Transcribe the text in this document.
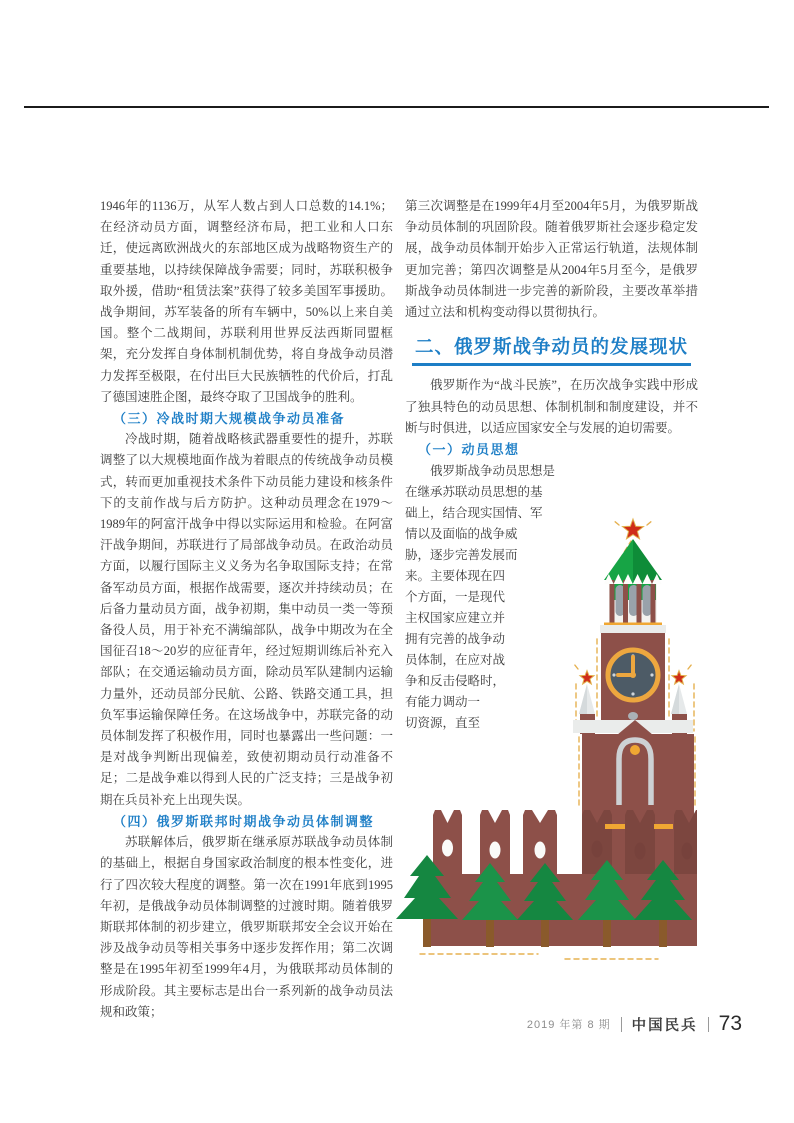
1946年的1136万，从军人数占到人口总数的14.1%；在经济动员方面，调整经济布局，把工业和人口东迁，使远离欧洲战火的东部地区成为战略物资生产的重要基地，以持续保障战争需要；同时，苏联积极争取外援，借助“租赁法案”获得了较多美国军事援助。战争期间，苏军装备的所有车辆中，50%以上来自美国。整个二战期间，苏联利用世界反法西斯同盟框架，充分发挥自身体制机制优势，将自身战争动员潜力发挥至极限，在付出巨大民族牺牲的代价后，打乱了德国速胜企图，最终夺取了卫国战争的胜利。

（三）冷战时期大规模战争动员准备

冷战时期，随着战略核武器重要性的提升，苏联调整了以大规模地面作战为着眼点的传统战争动员模式，转而更加重视技术条件下动员能力建设和核条件下的支前作战与后方防护。这种动员理念在1979～1989年的阿富汗战争中得以实际运用和检验。在阿富汗战争期间，苏联进行了局部战争动员。在政治动员方面，以履行国际主义义务为名争取国际支持；在常备军动员方面，根据作战需要，逐次并持续动员；在后备力量动员方面，战争初期，集中动员一类一等预备役人员，用于补充不满编部队，战争中期改为在全国征召18～20岁的应征青年，经过短期训练后补充入部队；在交通运输动员方面，除动员军队建制内运输力量外，还动员部分民航、公路、铁路交通工具，担负军事运输保障任务。在这场战争中，苏联完备的动员体制发挥了积极作用，同时也暴露出一些问题：一是对战争判断出现偏差，致使初期动员行动准备不足；二是战争难以得到人民的广泛支持；三是战争初期在兵员补充上出现失误。

（四）俄罗斯联邦时期战争动员体制调整

苏联解体后，俄罗斯在继承原苏联战争动员体制的基础上，根据自身国家政治制度的根本性变化，进行了四次较大程度的调整。第一次在1991年底到1995年初，是俄战争动员体制调整的过渡时期。随着俄罗斯联邦体制的初步建立，俄罗斯联邦安全会议开始在涉及战争动员等相关事务中逐步发挥作用；第二次调整是在1995年初至1999年4月，为俄联邦动员体制的形成阶段。其主要标志是出台一系列新的战争动员法规和政策；

第三次调整是在1999年4月至2004年5月，为俄罗斯战争动员体制的巩固阶段。随着俄罗斯社会逐步稳定发展，战争动员体制开始步入正常运行轨道，法规体制更加完善；第四次调整是从2004年5月至今，是俄罗斯战争动员体制进一步完善的新阶段，主要改革举措通过立法和机构变动得以贯彻执行。

二、俄罗斯战争动员的发展现状

俄罗斯作为“战斗民族”，在历次战争实践中形成了独具特色的动员思想、体制机制和制度建设，并不断与时俱进，以适应国家安全与发展的迫切需要。

（一）动员思想
俄罗斯战争动员思想是
在继承苏联动员思想的基
础上，结合现实国情、军
情以及面临的战争威
胁，逐步完善发展而
来。主要体现在四
个方面，一是现代
主权国家应建立并
拥有完善的战争动
员体制，在应对战
争和反击侵略时，
有能力调动一
切资源，直至
2019 年第 8 期 中国民兵 73
